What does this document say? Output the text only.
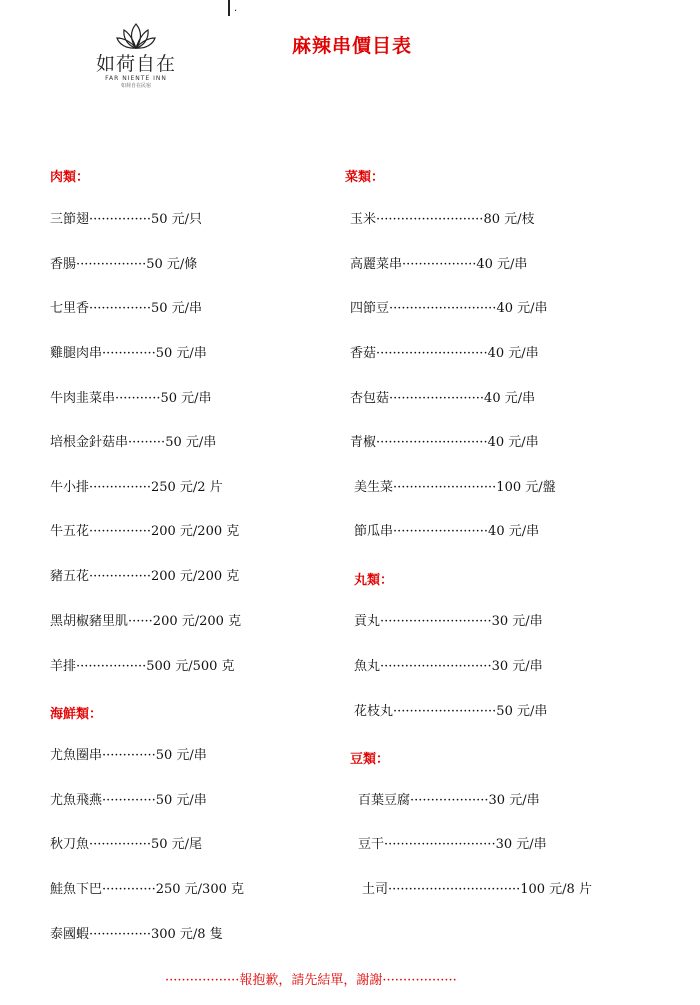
·
如荷自在
FAR NIENTE INN
如荷自在民宿
麻辣串價目表
肉類：
三節翅···············50 元/只
香腸·················50 元/條
七里香···············50 元/串
雞腿肉串·············50 元/串
牛肉韭菜串···········50 元/串
培根金針菇串·········50 元/串
牛小排···············250 元/2 片
牛五花···············200 元/200 克
豬五花···············200 元/200 克
黑胡椒豬里肌······200 元/200 克
羊排·················500 元/500 克
海鮮類：
尤魚圈串·············50 元/串
尤魚飛燕·············50 元/串
秋刀魚···············50 元/尾
鮭魚下巴·············250 元/300 克
泰國蝦···············300 元/8 隻
菜類：
玉米··························80 元/枝
高麗菜串··················40 元/串
四節豆··························40 元/串
香菇···························40 元/串
杏包菇·······················40 元/串
青椒···························40 元/串
美生菜·························100 元/盤
節瓜串·······················40 元/串
丸類：
貢丸···························30 元/串
魚丸···························30 元/串
花枝丸·························50 元/串
豆類：
百葉豆腐···················30 元/串
豆干···························30 元/串
土司································100 元/8 片
··················報抱歉，請先結單，謝謝··················
